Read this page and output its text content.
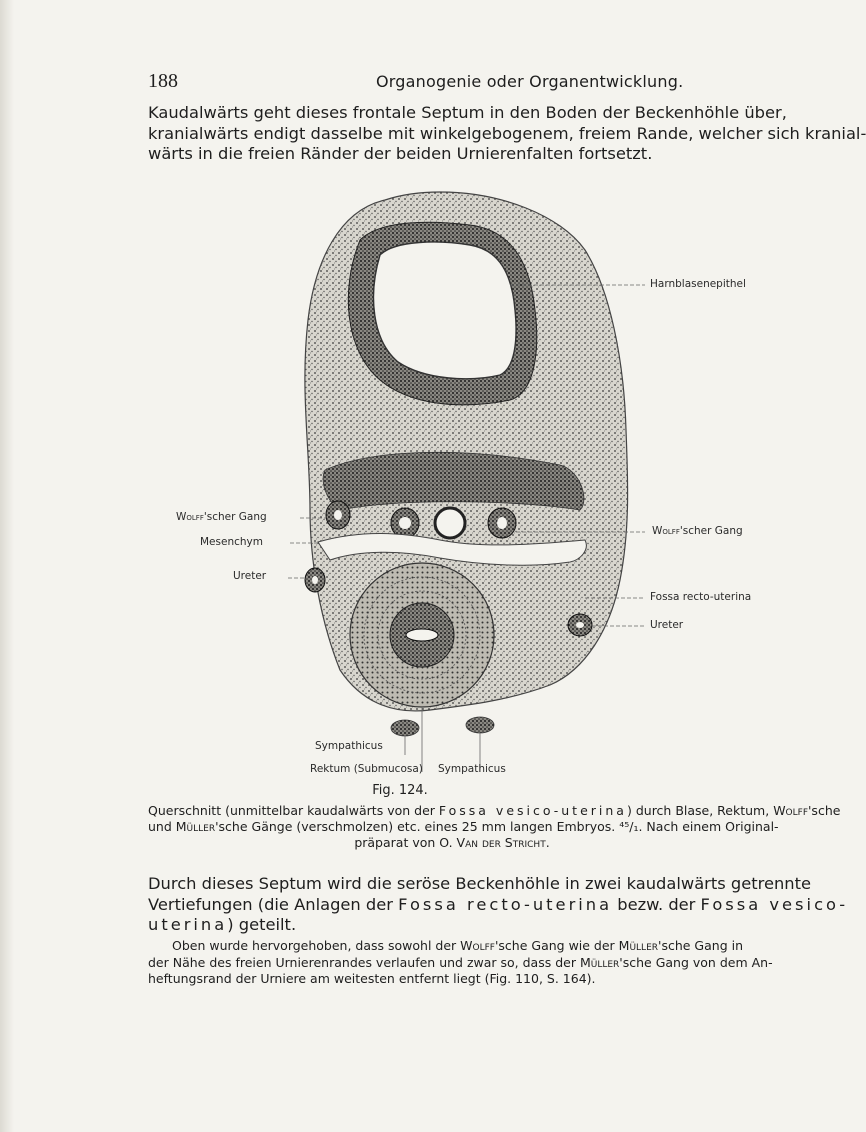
188	Organogenie oder Organentwicklung.
Kaudalwärts geht dieses frontale Septum in den Boden der Beckenhöhle über,
kranialwärts endigt dasselbe mit winkelgebogenem, freiem Rande, welcher sich kranial-
wärts in die freien Ränder der beiden Urnierenfalten fortsetzt.
Harnblasenepithel
Wolff'scher Gang
Mesenchym
Ureter
Wolff'scher Gang
Fossa recto-uterina
Ureter
Sympathicus
Rektum (Submucosa) Sympathicus
Fig. 124.
Querschnitt (unmittelbar kaudalwärts von der Fossa vesico-uterina) durch Blase, Rektum, Wolff'sche
und Müller'sche Gänge (verschmolzen) etc. eines 25 mm langen Embryos. ⁴⁵/₁. Nach einem Original-
präparat von O. Van der Stricht.
Durch dieses Septum wird die seröse Beckenhöhle in zwei kaudalwärts getrennte
Vertiefungen (die Anlagen der Fossa recto-uterina bezw. der Fossa vesico-
uterina) geteilt.
Oben wurde hervorgehoben, dass sowohl der Wolff'sche Gang wie der Müller'sche Gang in
der Nähe des freien Urnierenrandes verlaufen und zwar so, dass der Müller'sche Gang von dem An-
heftungsrand der Urniere am weitesten entfernt liegt (Fig. 110, S. 164).
